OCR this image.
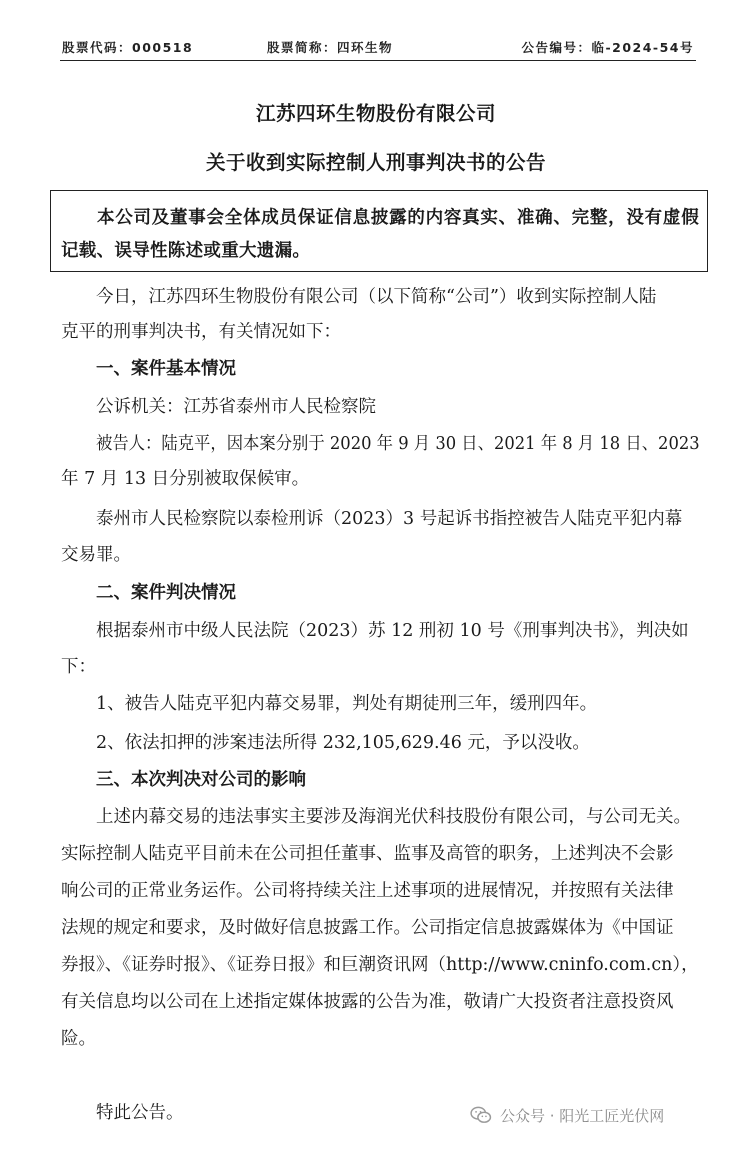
股票代码：000518	股票简称：四环生物	公告编号：临-2024-54号
江苏四环生物股份有限公司
关于收到实际控制人刑事判决书的公告

本公司及董事会全体成员保证信息披露的内容真实、准确、完整，没有虚假记载、误导性陈述或重大遗漏。

今日，江苏四环生物股份有限公司（以下简称“公司”）收到实际控制人陆
克平的刑事判决书，有关情况如下：
一、案件基本情况
公诉机关：江苏省泰州市人民检察院
被告人：陆克平，因本案分别于 2020 年 9 月 30 日、2021 年 8 月 18 日、2023
年 7 月 13 日分别被取保候审。
泰州市人民检察院以泰检刑诉（2023）3 号起诉书指控被告人陆克平犯内幕
交易罪。
二、案件判决情况
根据泰州市中级人民法院（2023）苏 12 刑初 10 号《刑事判决书》，判决如
下：
1、被告人陆克平犯内幕交易罪，判处有期徒刑三年，缓刑四年。
2、依法扣押的涉案违法所得 232,105,629.46 元，予以没收。
三、本次判决对公司的影响
上述内幕交易的违法事实主要涉及海润光伏科技股份有限公司，与公司无关。
实际控制人陆克平目前未在公司担任董事、监事及高管的职务，上述判决不会影
响公司的正常业务运作。公司将持续关注上述事项的进展情况，并按照有关法律
法规的规定和要求，及时做好信息披露工作。公司指定信息披露媒体为《中国证
券报》、《证券时报》、《证券日报》和巨潮资讯网（http://www.cninfo.com.cn），
有关信息均以公司在上述指定媒体披露的公告为准，敬请广大投资者注意投资风
险。
特此公告。	公众号 · 阳光工匠光伏网
